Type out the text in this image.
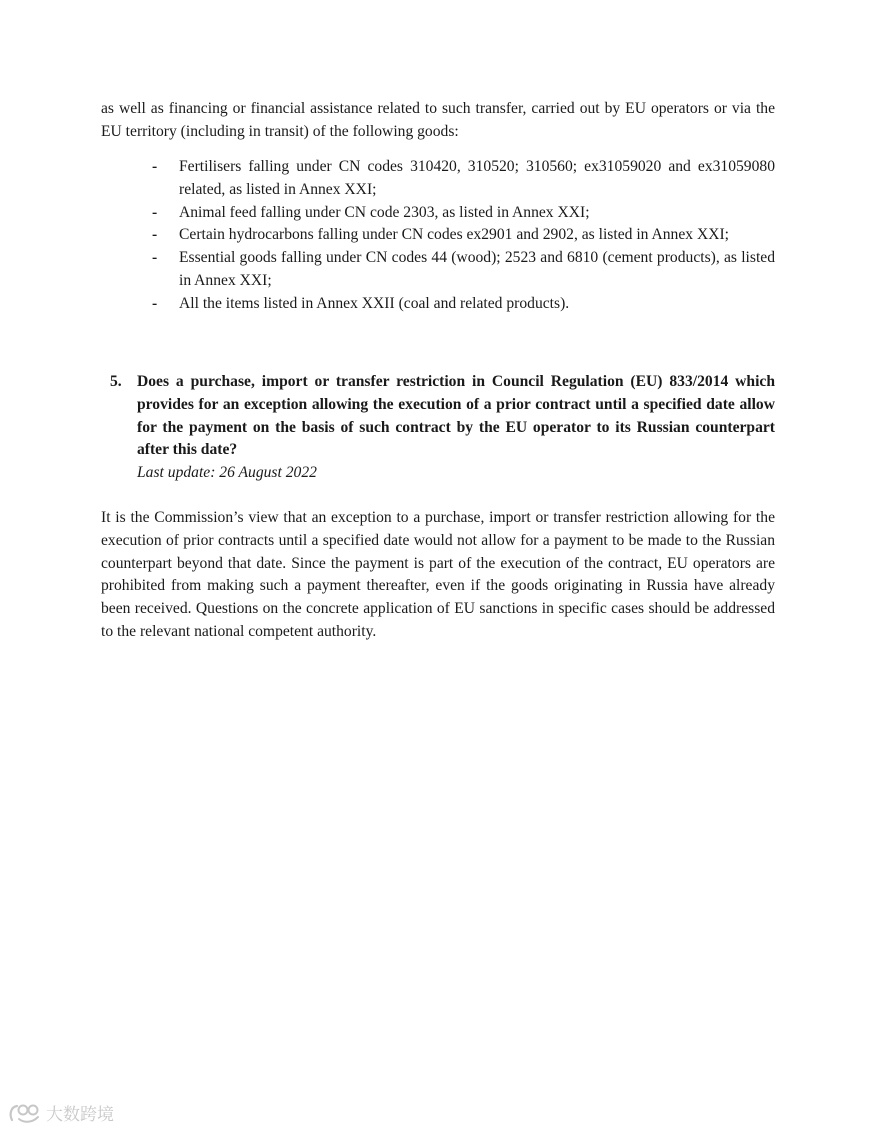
as well as financing or financial assistance related to such transfer, carried out by EU operators or via the EU territory (including in transit) of the following goods:

- Fertilisers falling under CN codes 310420, 310520; 310560; ex31059020 and ex31059080 related, as listed in Annex XXI;
- Animal feed falling under CN code 2303, as listed in Annex XXI;
- Certain hydrocarbons falling under CN codes ex2901 and 2902, as listed in Annex XXI;
- Essential goods falling under CN codes 44 (wood); 2523 and 6810 (cement products), as listed in Annex XXI;
- All the items listed in Annex XXII (coal and related products).
5. Does a purchase, import or transfer restriction in Council Regulation (EU) 833/2014 which provides for an exception allowing the execution of a prior contract until a specified date allow for the payment on the basis of such contract by the EU operator to its Russian counterpart after this date?
Last update: 26 August 2022

It is the Commission’s view that an exception to a purchase, import or transfer restriction allowing for the execution of prior contracts until a specified date would not allow for a payment to be made to the Russian counterpart beyond that date. Since the payment is part of the execution of the contract, EU operators are prohibited from making such a payment thereafter, even if the goods originating in Russia have already been received. Questions on the concrete application of EU sanctions in specific cases should be addressed to the relevant national competent authority.

大数跨境
